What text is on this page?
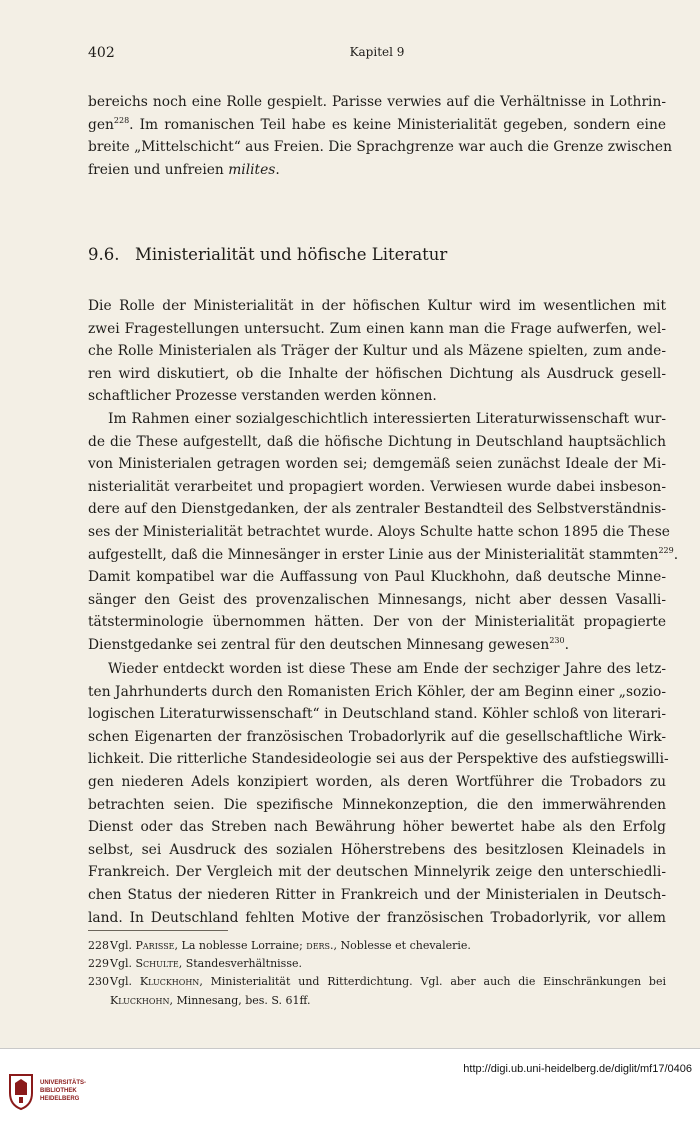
402	Kapitel 9
bereichs noch eine Rolle gespielt. Parisse verwies auf die Verhältnisse in Lothrin-
gen$^{228}$. Im romanischen Teil habe es keine Ministerialität gegeben, sondern eine
breite „Mittelschicht“ aus Freien. Die Sprachgrenze war auch die Grenze zwischen
freien und unfreien milites.
9.6. Ministerialität und höfische Literatur
Die Rolle der Ministerialität in der höfischen Kultur wird im wesentlichen mit
zwei Fragestellungen untersucht. Zum einen kann man die Frage aufwerfen, wel-
che Rolle Ministerialen als Träger der Kultur und als Mäzene spielten, zum ande-
ren wird diskutiert, ob die Inhalte der höfischen Dichtung als Ausdruck gesell-
schaftlicher Prozesse verstanden werden können.
Im Rahmen einer sozialgeschichtlich interessierten Literaturwissenschaft wur-
de die These aufgestellt, daß die höfische Dichtung in Deutschland hauptsächlich
von Ministerialen getragen worden sei; demgemäß seien zunächst Ideale der Mi-
nisterialität verarbeitet und propagiert worden. Verwiesen wurde dabei insbeson-
dere auf den Dienstgedanken, der als zentraler Bestandteil des Selbstverständnis-
ses der Ministerialität betrachtet wurde. Aloys Schulte hatte schon 1895 die These
aufgestellt, daß die Minnesänger in erster Linie aus der Ministerialität stammten$^{229}$.
Damit kompatibel war die Auffassung von Paul Kluckhohn, daß deutsche Minne-
sänger den Geist des provenzalischen Minnesangs, nicht aber dessen Vasalli-
tätsterminologie übernommen hätten. Der von der Ministerialität propagierte
Dienstgedanke sei zentral für den deutschen Minnesang gewesen$^{230}$.
Wieder entdeckt worden ist diese These am Ende der sechziger Jahre des letz-
ten Jahrhunderts durch den Romanisten Erich Köhler, der am Beginn einer „sozio-
logischen Literaturwissenschaft“ in Deutschland stand. Köhler schloß von literari-
schen Eigenarten der französischen Trobadorlyrik auf die gesellschaftliche Wirk-
lichkeit. Die ritterliche Standesideologie sei aus der Perspektive des aufstiegswilli-
gen niederen Adels konzipiert worden, als deren Wortführer die Trobadors zu
betrachten seien. Die spezifische Minnekonzeption, die den immerwährenden
Dienst oder das Streben nach Bewährung höher bewertet habe als den Erfolg
selbst, sei Ausdruck des sozialen Höherstrebens des besitzlosen Kleinadels in
Frankreich. Der Vergleich mit der deutschen Minnelyrik zeige den unterschiedli-
chen Status der niederen Ritter in Frankreich und der Ministerialen in Deutsch-
land. In Deutschland fehlten Motive der französischen Trobadorlyrik, vor allem
228 Vgl. Parisse, La noblesse Lorraine; ders., Noblesse et chevalerie.
229 Vgl. Schulte, Standesverhältnisse.
230 Vgl. Kluckhohn, Ministerialität und Ritterdichtung. Vgl. aber auch die Einschränkungen bei
Kluckhohn, Minnesang, bes. S. 61ff.
UNIVERSITÄTS-
BIBLIOTHEK
HEIDELBERG
http://digi.ub.uni-heidelberg.de/diglit/mf17/0406
